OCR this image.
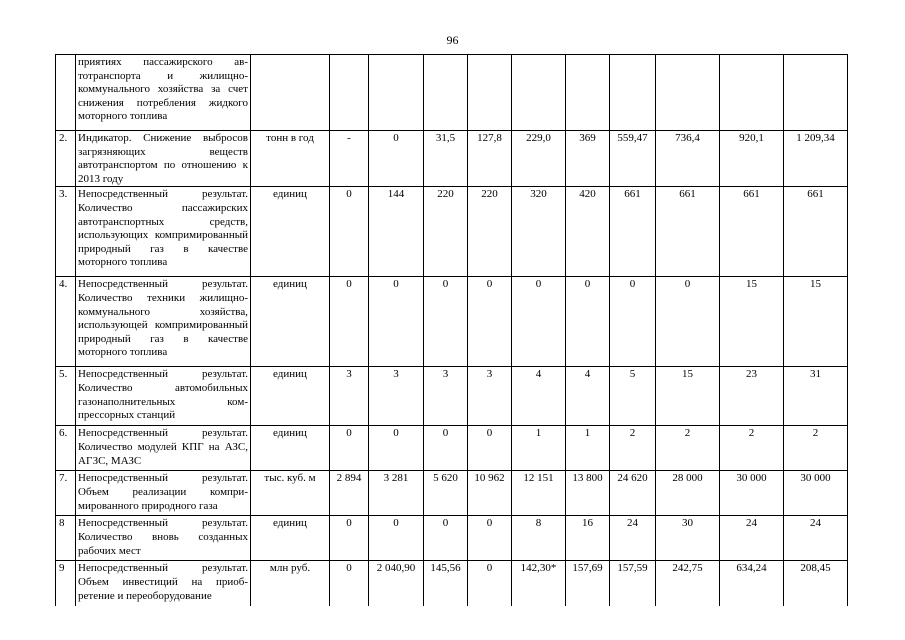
96
	приятиях пассажирского автотранспорта и жилищно-коммунального хозяйства за счет снижения потребления жидкого моторного топлива											
2.	Индикатор. Снижение выбросов загрязняющих веществ автотранспортом по отношению к 2013 году	тонн в год	-	0	31,5	127,8	229,0	369	559,47	736,4	920,1	1 209,34
3.	Непосредственный результат. Количество пассажирских автотранспортных средств, использующих компримированный природный газ в качестве моторного топлива	единиц	0	144	220	220	320	420	661	661	661	661
4.	Непосредственный результат. Количество техники жилищно-коммунального хозяйства, использующей компримированный природный газ в качестве моторного топлива	единиц	0	0	0	0	0	0	0	0	15	15
5.	Непосредственный результат. Количество автомобильных газонаполнительных компрессорных станций	единиц	3	3	3	3	4	4	5	15	23	31
6.	Непосредственный результат. Количество модулей КПГ на АЗС, АГЗС, МАЗС	единиц	0	0	0	0	1	1	2	2	2	2
7.	Непосредственный результат. Объем реализации компримированного природного газа	тыс. куб. м	2 894	3 281	5 620	10 962	12 151	13 800	24 620	28 000	30 000	30 000
8	Непосредственный результат. Количество вновь созданных рабочих мест	единиц	0	0	0	0	8	16	24	30	24	24
9	Непосредственный результат. Объем инвестиций на приобретение и переоборудование	млн руб.	0	2 040,90	145,56	0	142,30*	157,69	157,59	242,75	634,24	208,45
